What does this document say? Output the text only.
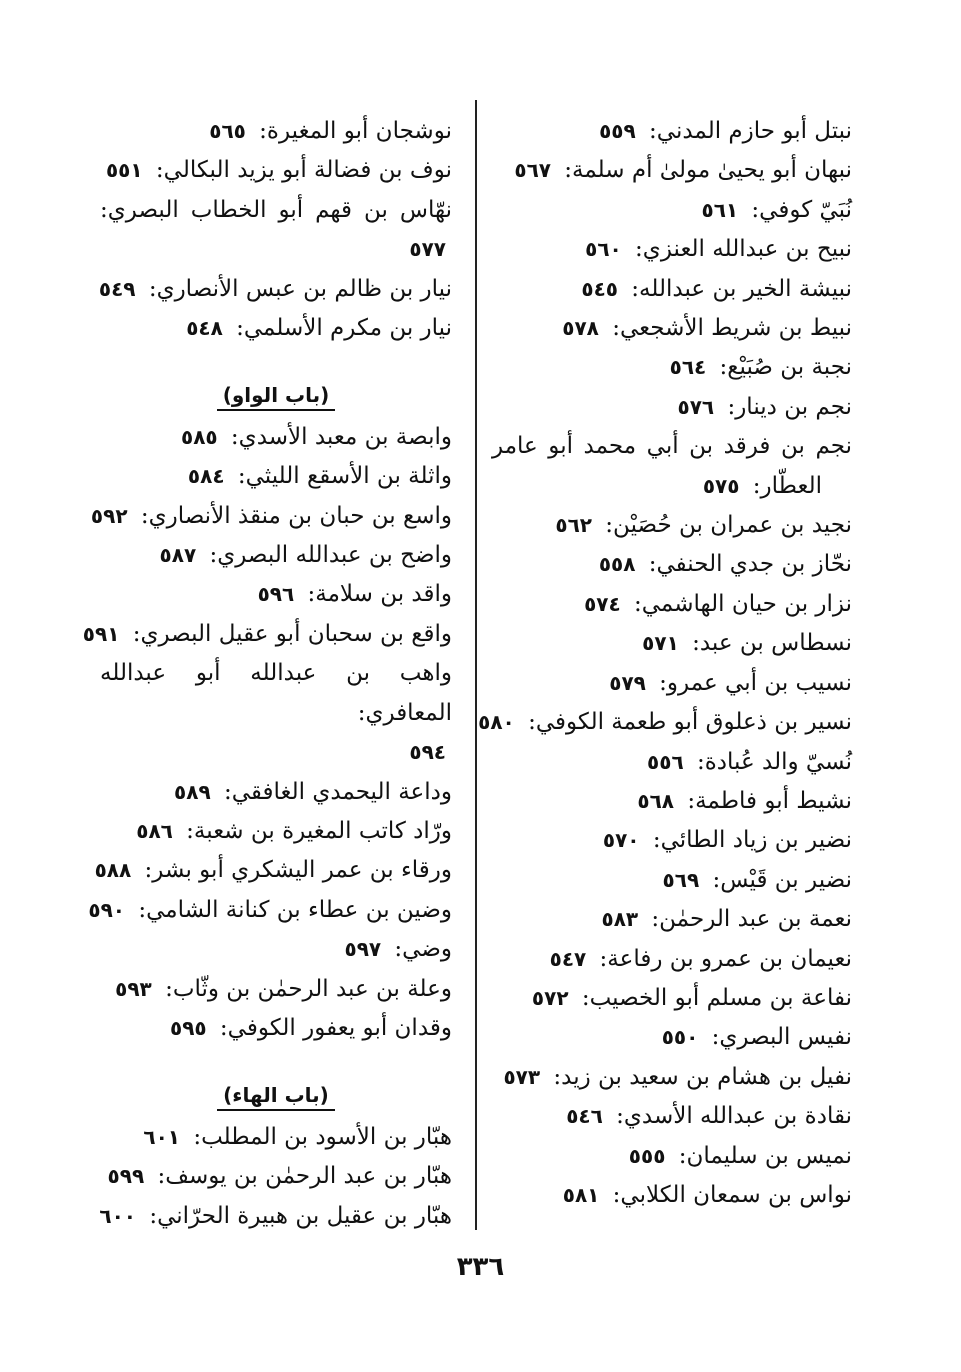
نبتل أبو حازم المدني: ٥٥٩
نبهان أبو يحيىٰ مولىٰ أم سلمة: ٥٦٧
نُبَيّ كوفي: ٥٦١
نبيح بن عبدالله العنزي: ٥٦٠
نبيشة الخير بن عبدالله: ٥٤٥
نبيط بن شريط الأشجعي: ٥٧٨
نجبة بن صُبَيْع: ٥٦٤
نجم بن دينار: ٥٧٦
نجم بن فرقد بن أبي محمد أبو عامر
العطّار: ٥٧٥
نجيد بن عمران بن حُصَيْن: ٥٦٢
نحّاز بن جدي الحنفي: ٥٥٨
نزار بن حيان الهاشمي: ٥٧٤
نسطاس بن عبد: ٥٧١
نسيب بن أبي عمرو: ٥٧٩
نسير بن ذعلوق أبو طعمة الكوفي: ٥٨٠
نُسيّ والد عُبادة: ٥٥٦
نشيط أبو فاطمة: ٥٦٨
نضير بن زياد الطائي: ٥٧٠
نضير بن قَيْس: ٥٦٩
نعمة بن عبد الرحمٰن: ٥٨٣
نعيمان بن عمرو بن رفاعة: ٥٤٧
نفاعة بن مسلم أبو الخصيب: ٥٧٢
نفيس البصري: ٥٥٠
نفيل بن هشام بن سعيد بن زيد: ٥٧٣
نقادة بن عبدالله الأسدي: ٥٤٦
نميس بن سليمان: ٥٥٥
نواس بن سمعان الكلابي: ٥٨١
نوشجان أبو المغيرة: ٥٦٥
نوف بن فضالة أبو يزيد البكالي: ٥٥١
نهّاس بن قهم أبو الخطاب البصري:
٥٧٧
نيار بن ظالم بن عبس الأنصاري: ٥٤٩
نيار بن مكرم الأسلمي: ٥٤٨
(باب الواو)
وابصة بن معبد الأسدي: ٥٨٥
واثلة بن الأسقع الليثي: ٥٨٤
واسع بن حبان بن منقذ الأنصاري: ٥٩٢
واضح بن عبدالله البصري: ٥٨٧
واقد بن سلامة: ٥٩٦
واقع بن سحبان أبو عقيل البصري: ٥٩١
واهب بن عبدالله أبو عبدالله المعافري:
٥٩٤
وداعة اليحمدي الغافقي: ٥٨٩
ورّاد كاتب المغيرة بن شعبة: ٥٨٦
ورقاء بن عمر اليشكري أبو بشر: ٥٨٨
وضين بن عطاء بن كنانة الشامي: ٥٩٠
وضي: ٥٩٧
وعلة بن عبد الرحمٰن بن وثّاب: ٥٩٣
وقدان أبو يعفور الكوفي: ٥٩٥
(باب الهاء)
هبّار بن الأسود بن المطلب: ٦٠١
هبّار بن عبد الرحمٰن بن يوسف: ٥٩٩
هبّار بن عقيل بن هبيرة الحرّاني: ٦٠٠
٣٣٦
